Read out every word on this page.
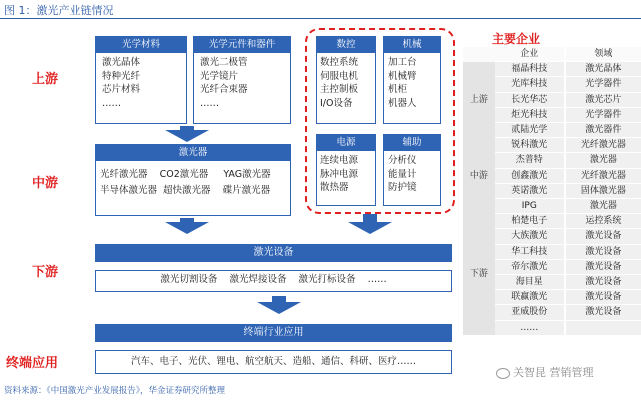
图 1：激光产业链情况
上游
中游
下游
终端应用
光学材料
激光晶体
特种光纤
芯片材料
……
光学元件和器件
激光二极管
光学镜片
光纤合束器
……
数控
数控系统
伺服电机
主控制板
I/O设备
机械
加工台
机械臂
机柜
机器人
电源
连续电源
脉冲电源
散热器
辅助
分析仪
能量计
防护镜
激光器
光纤激光器    CO2激光器     YAG激光器
半导体激光器  超快激光器    碟片激光器
激光设备
激光切割设备    激光焊接设备    激光打标设备    ……
终端行业应用
汽车、电子、光伏、锂电、航空航天、造船、通信、科研、医疗……
主要企业
	企业	领域
上游	福晶科技	激光晶体
	光库科技	光学器件
	长光华芯	激光芯片
	炬光科技	光学器件
	贰陆光学	激光器件
中游	锐科激光	光纤激光器
	杰普特	激光器
	创鑫激光	光纤激光器
	英诺激光	固体激光器
	IPG	激光器
下游	柏楚电子	运控系统
	大族激光	激光设备
	华工科技	激光设备
	帝尔激光	激光设备
	海目星	激光设备
	联赢激光	激光设备
	亚威股份	激光设备
	……	
关智昆 营销管理
资料来源：《中国激光产业发展报告》，华金证券研究所整理
